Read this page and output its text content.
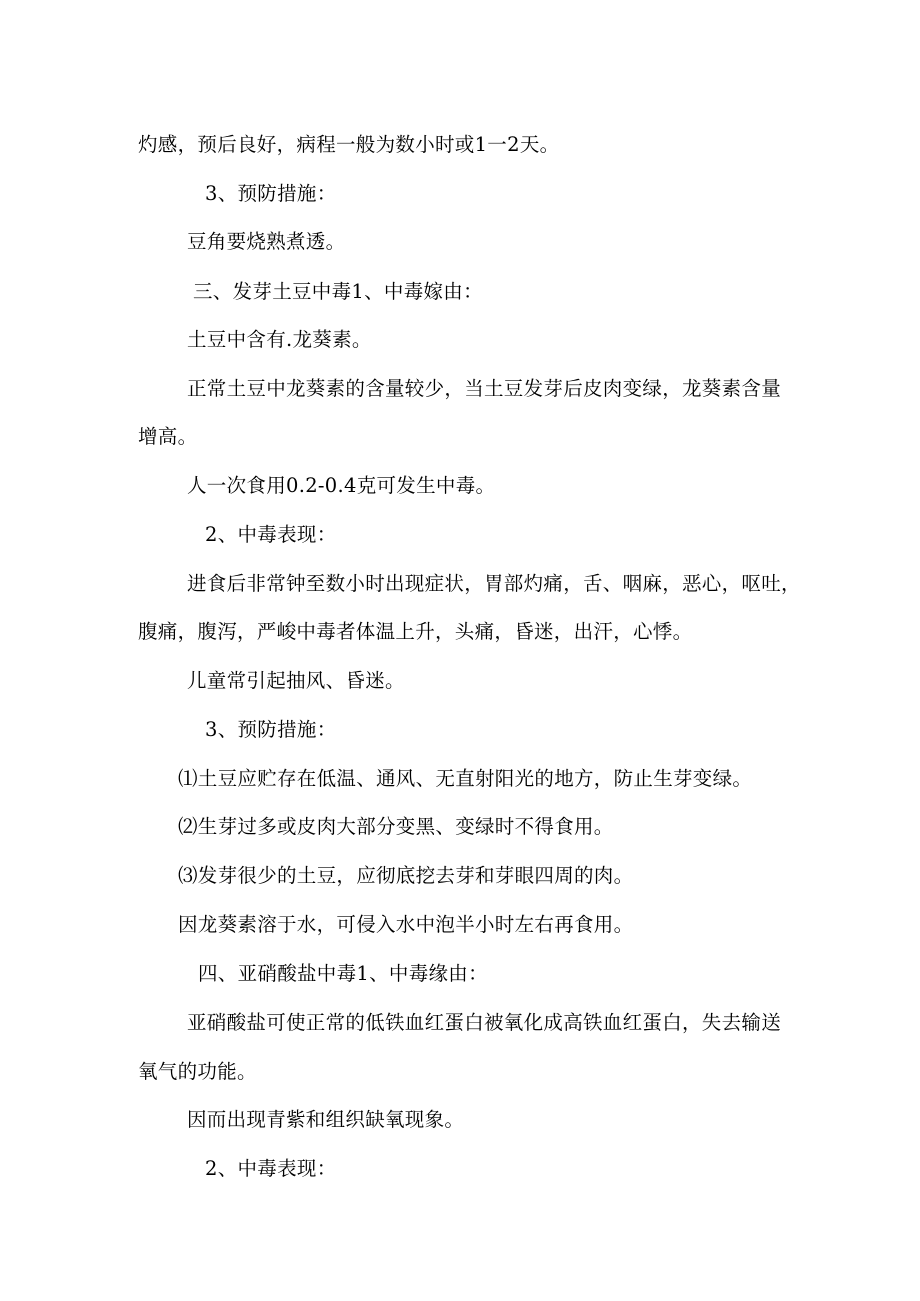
灼感，预后良好，病程一般为数小时或1一2天。
3、预防措施：
豆角要烧熟煮透。
三、发芽土豆中毒1、中毒嫁由：
土豆中含有.龙葵素。
正常土豆中龙葵素的含量较少，当土豆发芽后皮肉变绿，龙葵素含量
增高。
人一次食用0.2-0.4克可发生中毒。
2、中毒表现：
进食后非常钟至数小时出现症状，胃部灼痛，舌、咽麻，恶心，呕吐，
腹痛，腹泻，严峻中毒者体温上升，头痛，昏迷，出汗，心悸。
儿童常引起抽风、昏迷。
3、预防措施：
⑴土豆应贮存在低温、通风、无直射阳光的地方，防止生芽变绿。
⑵生芽过多或皮肉大部分变黑、变绿时不得食用。
⑶发芽很少的土豆，应彻底挖去芽和芽眼四周的肉。
因龙葵素溶于水，可侵入水中泡半小时左右再食用。
四、亚硝酸盐中毒1、中毒缘由：
亚硝酸盐可使正常的低铁血红蛋白被氧化成高铁血红蛋白，失去输送
氧气的功能。
因而出现青紫和组织缺氧现象。
2、中毒表现：
